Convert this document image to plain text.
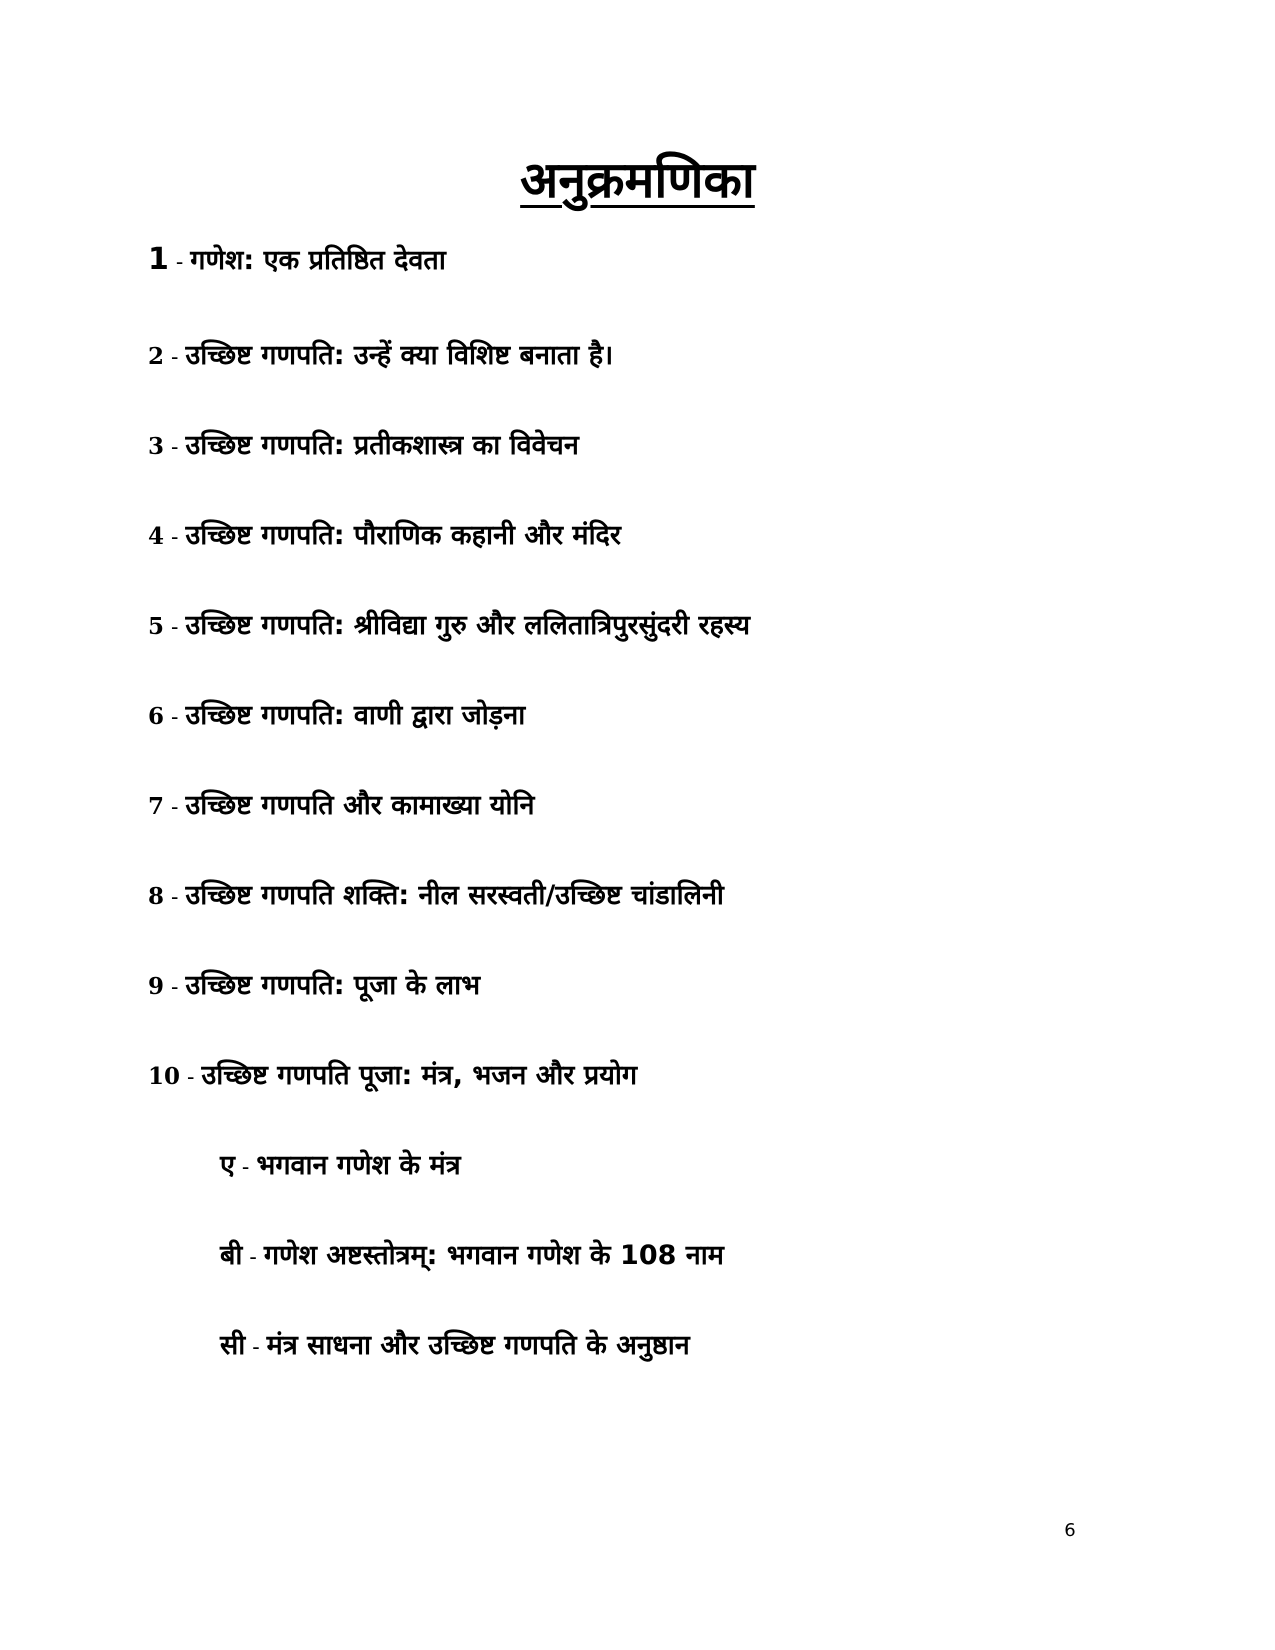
अनुक्रमणिका
1 - गणेश: एक प्रतिष्ठित देवता
2 - उच्छिष्ट गणपति: उन्हें क्या विशिष्ट बनाता है।
3 - उच्छिष्ट गणपति: प्रतीकशास्त्र का विवेचन
4 - उच्छिष्ट गणपति: पौराणिक कहानी और मंदिर
5 - उच्छिष्ट गणपति: श्रीविद्या गुरु और ललितात्रिपुरसुंदरी रहस्य
6 - उच्छिष्ट गणपति: वाणी द्वारा जोड़ना
7 - उच्छिष्ट गणपति और कामाख्या योनि
8 - उच्छिष्ट गणपति शक्ति: नील सरस्वती/उच्छिष्ट चांडालिनी
9 - उच्छिष्ट गणपति: पूजा के लाभ
10 - उच्छिष्ट गणपति पूजा: मंत्र, भजन और प्रयोग
ए - भगवान गणेश के मंत्र
बी - गणेश अष्टस्तोत्रम्: भगवान गणेश के 108 नाम
सी - मंत्र साधना और उच्छिष्ट गणपति के अनुष्ठान
6
